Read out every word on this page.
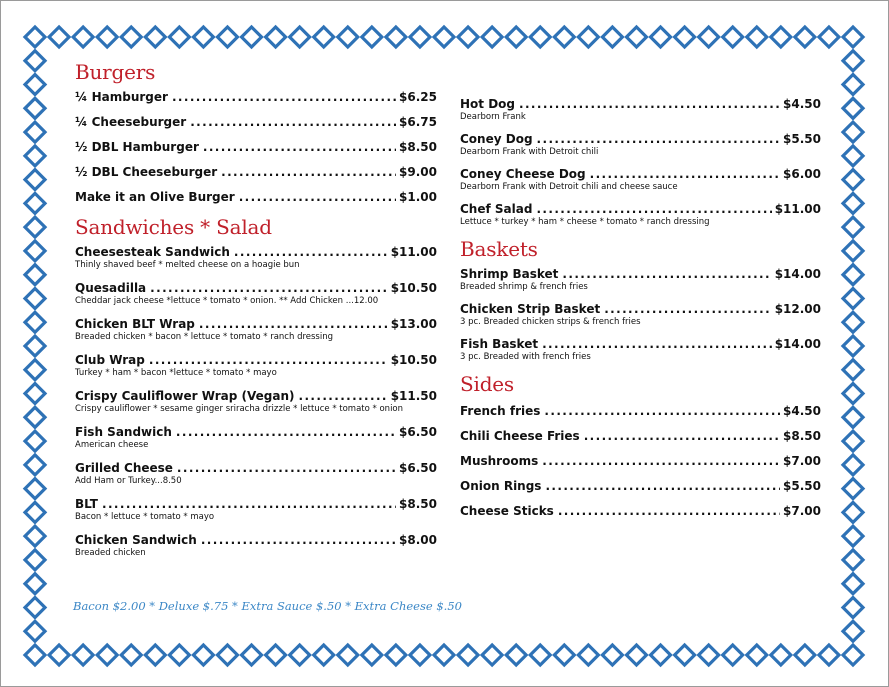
Burgers
¼ Hamburger .....	$6.25
¼ Cheeseburger .....	$6.75
½ DBL Hamburger .....	$8.50
½ DBL Cheeseburger .....	$9.00
Make it an Olive Burger .....	$1.00
Sandwiches * Salad
Cheesesteak Sandwich .....	$11.00
Thinly shaved beef * melted cheese on a hoagie bun
Quesadilla .....	$10.50
Cheddar jack cheese *lettuce * tomato * onion. ** Add Chicken ...12.00
Chicken BLT Wrap .....	$13.00
Breaded chicken * bacon * lettuce * tomato * ranch dressing
Club Wrap .....	$10.50
Turkey * ham * bacon *lettuce * tomato * mayo
Crispy Cauliflower Wrap (Vegan) .....	$11.50
Crispy cauliflower * sesame ginger sriracha drizzle * lettuce * tomato * onion
Fish Sandwich .....	$6.50
American cheese
Grilled Cheese .....	$6.50
Add Ham or Turkey...8.50
BLT .....	$8.50
Bacon * lettuce * tomato * mayo
Chicken Sandwich .....	$8.00
Breaded chicken
Hot Dog .....	$4.50
Dearborn Frank
Coney Dog .....	$5.50
Dearborn Frank with Detroit chili
Coney Cheese Dog .....	$6.00
Dearborn Frank with Detroit chili and cheese sauce
Chef Salad .....	$11.00
Lettuce * turkey * ham * cheese * tomato * ranch dressing
Baskets
Shrimp Basket .....	$14.00
Breaded shrimp & french fries
Chicken Strip Basket .....	$12.00
3 pc. Breaded chicken strips & french fries
Fish Basket .....	$14.00
3 pc. Breaded with french fries
Sides
French fries .....	$4.50
Chili Cheese Fries .....	$8.50
Mushrooms .....	$7.00
Onion Rings .....	$5.50
Cheese Sticks .....	$7.00
Bacon $2.00 * Deluxe $.75 * Extra Sauce $.50 * Extra Cheese $.50
